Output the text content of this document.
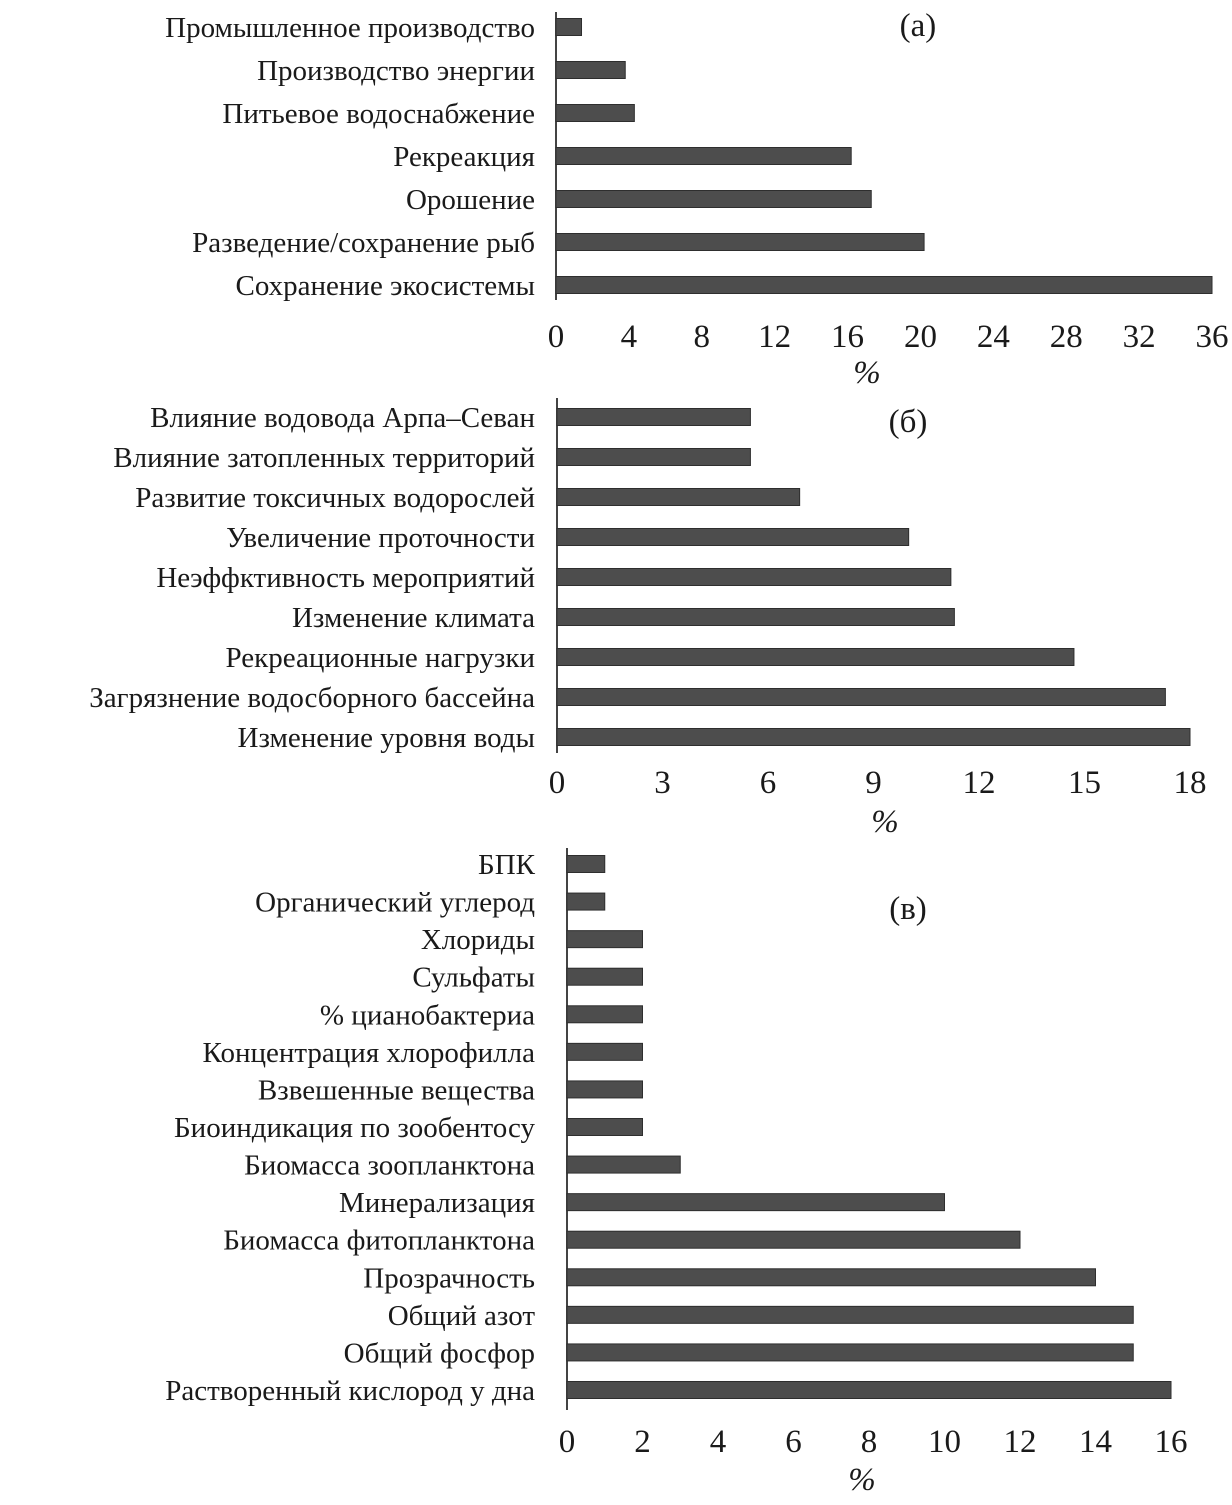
Промышленное производство
Производство энергии
Питьевое водоснабжение
Рекреакция
Орошение
Разведение/сохранение рыб
Сохранение экосистемы
0 4 8 12 16 20 24 28 32 36
%
(a)
Влияние водовода Арпа–Севан
Влияние затопленных территорий
Развитие токсичных водорослей
Увеличение проточности
Неэффктивность мероприятий
Изменение климата
Рекреационные нагрузки
Загрязнение водосборного бассейна
Изменение уровня воды
0	3	6	9 12 15 18
%
(б)
БПК
Органический углерод
Хлориды
Сульфаты
% цианобактериа
Концентрация хлорофилла
Взвешенные вещества
Биоиндикация по зообентосу
Биомасса зоопланктона
Минерализация
Биомасса фитопланктона
Прозрачность
Общий азот
Общий фосфор
Растворенный кислород у дна
0 2 4 6 8 10 12 14 16
%
(в)
